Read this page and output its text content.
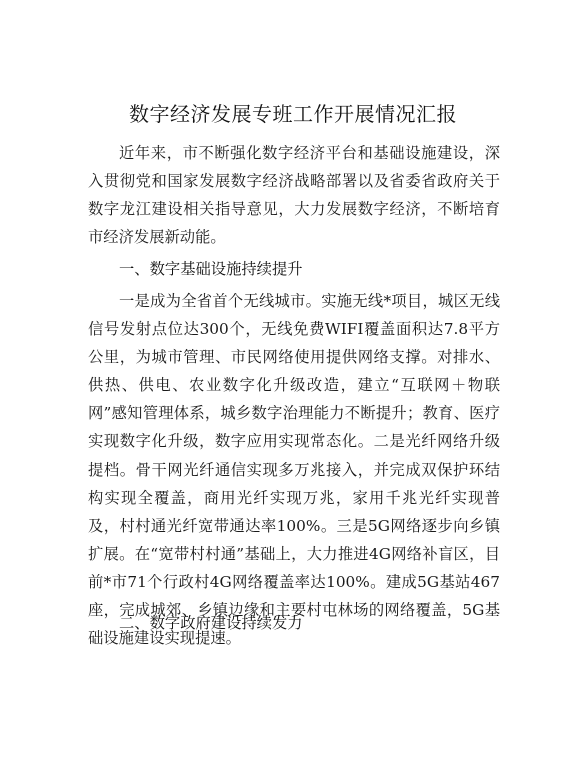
数字经济发展专班工作开展情况汇报

近年来，市不断强化数字经济平台和基础设施建设，深入贯彻党和国家发展数字经济战略部署以及省委省政府关于数字龙江建设相关指导意见，大力发展数字经济，不断培育市经济发展新动能。

一、数字基础设施持续提升

一是成为全省首个无线城市。实施无线*项目，城区无线信号发射点位达300个，无线免费WIFI覆盖面积达7.8平方公里，为城市管理、市民网络使用提供网络支撑。对排水、供热、供电、农业数字化升级改造，建立“互联网＋物联网”感知管理体系，城乡数字治理能力不断提升；教育、医疗实现数字化升级，数字应用实现常态化。二是光纤网络升级提档。骨干网光纤通信实现多万兆接入，并完成双保护环结构实现全覆盖，商用光纤实现万兆，家用千兆光纤实现普及，村村通光纤宽带通达率100%。三是5G网络逐步向乡镇扩展。在“宽带村村通”基础上，大力推进4G网络补盲区，目前*市71个行政村4G网络覆盖率达100%。建成5G基站467座，完成城郊、乡镇边缘和主要村屯林场的网络覆盖，5G基础设施建设实现提速。

二、数字政府建设持续发力
